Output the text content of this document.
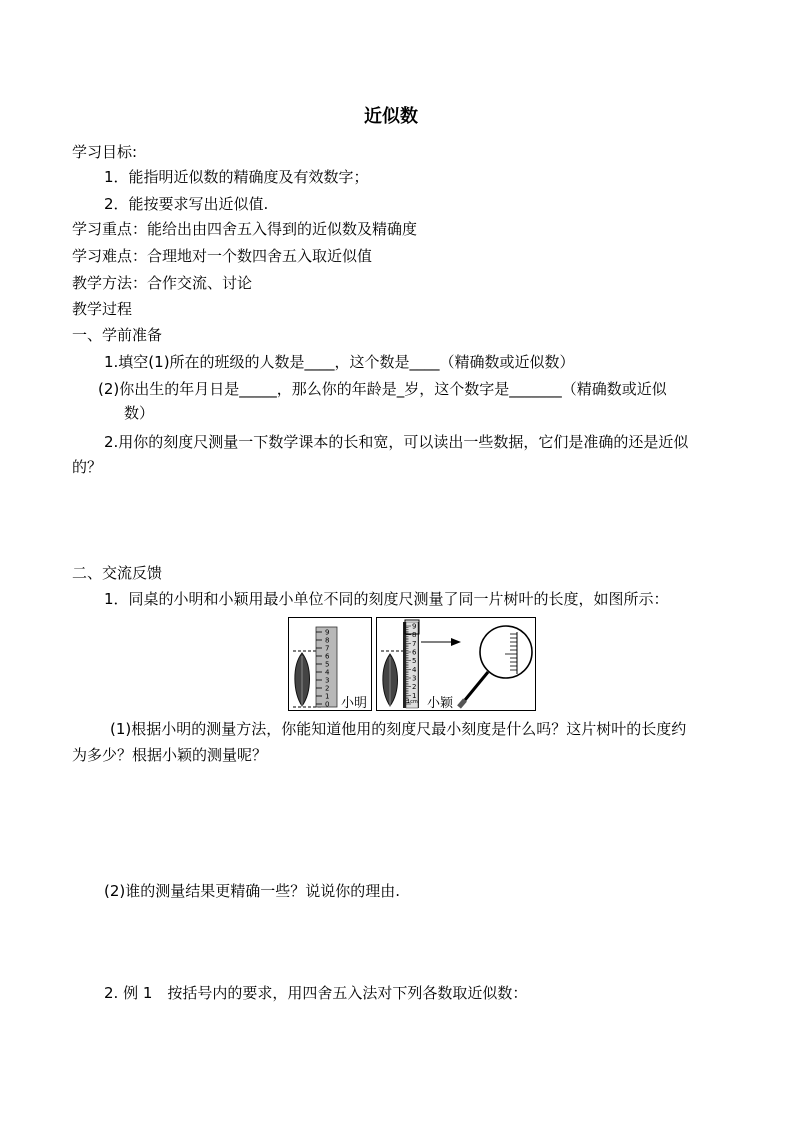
近似数
学习目标:
1．能指明近似数的精确度及有效数字；
2．能按要求写出近似值.
学习重点：能给出由四舍五入得到的近似数及精确度
学习难点：合理地对一个数四舍五入取近似值
教学方法：合作交流、讨论
教学过程
一、学前准备
1.填空(1)所在的班级的人数是____，这个数是____（精确数或近似数）
(2)你出生的年月日是_____，那么你的年龄是_岁，这个数字是_______（精确数或近似
数）
2.用你的刻度尺测量一下数学课本的长和宽，可以读出一些数据，它们是准确的还是近似
的？
二、交流反馈
1．同桌的小明和小颖用最小单位不同的刻度尺测量了同一片树叶的长度，如图所示：
0
1
2
3
4
5
6
7
8
9
小明
1
2
3
4
5
6
7
8
9
1cm 小颖
(1)根据小明的测量方法，你能知道他用的刻度尺最小刻度是什么吗？这片树叶的长度约
为多少？根据小颖的测量呢？
(2)谁的测量结果更精确一些？说说你的理由.
2. 例 1　按括号内的要求，用四舍五入法对下列各数取近似数：
